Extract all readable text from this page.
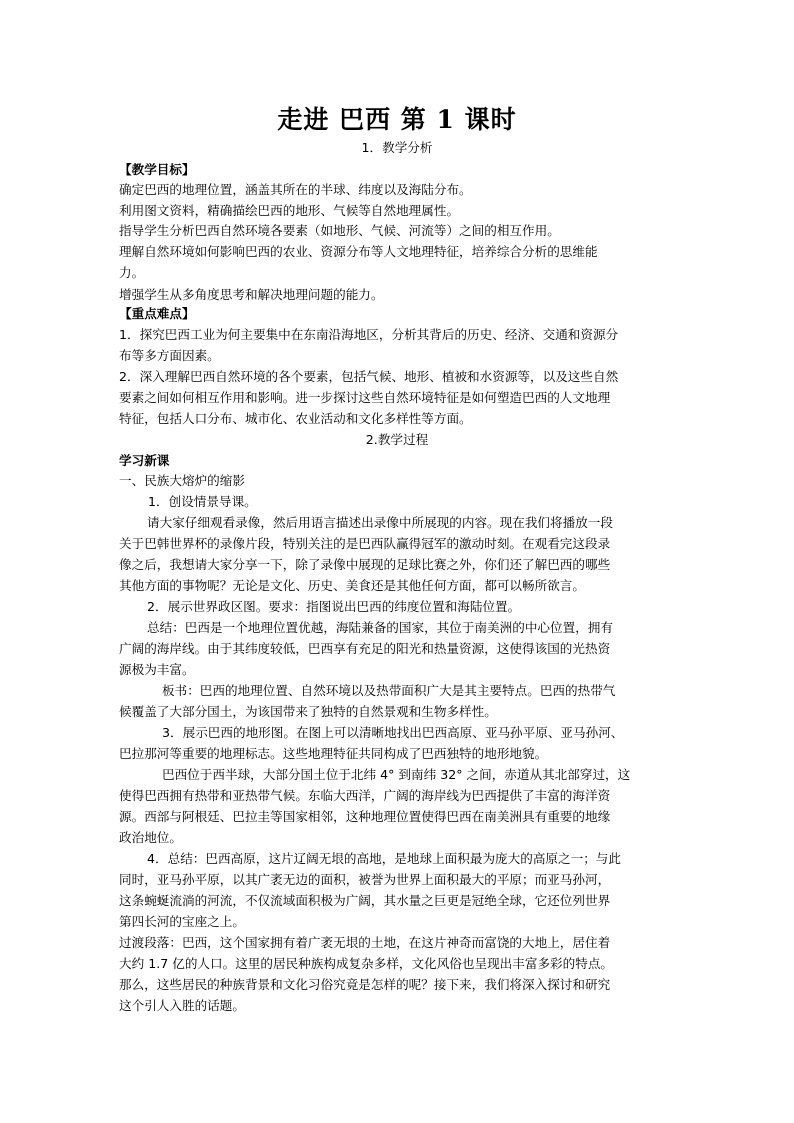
走进 巴西 第 1 课时
1．教学分析
【教学目标】
确定巴西的地理位置，涵盖其所在的半球、纬度以及海陆分布。
利用图文资料，精确描绘巴西的地形、气候等自然地理属性。
指导学生分析巴西自然环境各要素（如地形、气候、河流等）之间的相互作用。
理解自然环境如何影响巴西的农业、资源分布等人文地理特征，培养综合分析的思维能
力。
增强学生从多角度思考和解决地理问题的能力。
【重点难点】
1．探究巴西工业为何主要集中在东南沿海地区，分析其背后的历史、经济、交通和资源分
布等多方面因素。
2．深入理解巴西自然环境的各个要素，包括气候、地形、植被和水资源等，以及这些自然
要素之间如何相互作用和影响。进一步探讨这些自然环境特征是如何塑造巴西的人文地理
特征，包括人口分布、城市化、农业活动和文化多样性等方面。
2.教学过程
学习新课
一、民族大熔炉的缩影
1．创设情景导课。
请大家仔细观看录像，然后用语言描述出录像中所展现的内容。现在我们将播放一段
关于巴韩世界杯的录像片段，特别关注的是巴西队赢得冠军的激动时刻。在观看完这段录
像之后，我想请大家分享一下，除了录像中展现的足球比赛之外，你们还了解巴西的哪些
其他方面的事物呢？无论是文化、历史、美食还是其他任何方面，都可以畅所欲言。
2．展示世界政区图。要求：指图说出巴西的纬度位置和海陆位置。
总结：巴西是一个地理位置优越，海陆兼备的国家，其位于南美洲的中心位置，拥有
广阔的海岸线。由于其纬度较低，巴西享有充足的阳光和热量资源，这使得该国的光热资
源极为丰富。
板书：巴西的地理位置、自然环境以及热带面积广大是其主要特点。巴西的热带气
候覆盖了大部分国土，为该国带来了独特的自然景观和生物多样性。
3．展示巴西的地形图。在图上可以清晰地找出巴西高原、亚马孙平原、亚马孙河、
巴拉那河等重要的地理标志。这些地理特征共同构成了巴西独特的地形地貌。
巴西位于西半球，大部分国土位于北纬 4° 到南纬 32° 之间，赤道从其北部穿过，这
使得巴西拥有热带和亚热带气候。东临大西洋，广阔的海岸线为巴西提供了丰富的海洋资
源。西部与阿根廷、巴拉圭等国家相邻，这种地理位置使得巴西在南美洲具有重要的地缘
政治地位。
4．总结：巴西高原，这片辽阔无垠的高地，是地球上面积最为庞大的高原之一；与此
同时，亚马孙平原，以其广袤无边的面积，被誉为世界上面积最大的平原；而亚马孙河，
这条蜿蜒流淌的河流，不仅流域面积极为广阔，其水量之巨更是冠绝全球，它还位列世界
第四长河的宝座之上。
过渡段落：巴西，这个国家拥有着广袤无垠的土地，在这片神奇而富饶的大地上，居住着
大约 1.7 亿的人口。这里的居民种族构成复杂多样，文化风俗也呈现出丰富多彩的特点。
那么，这些居民的种族背景和文化习俗究竟是怎样的呢？接下来，我们将深入探讨和研究
这个引人入胜的话题。
